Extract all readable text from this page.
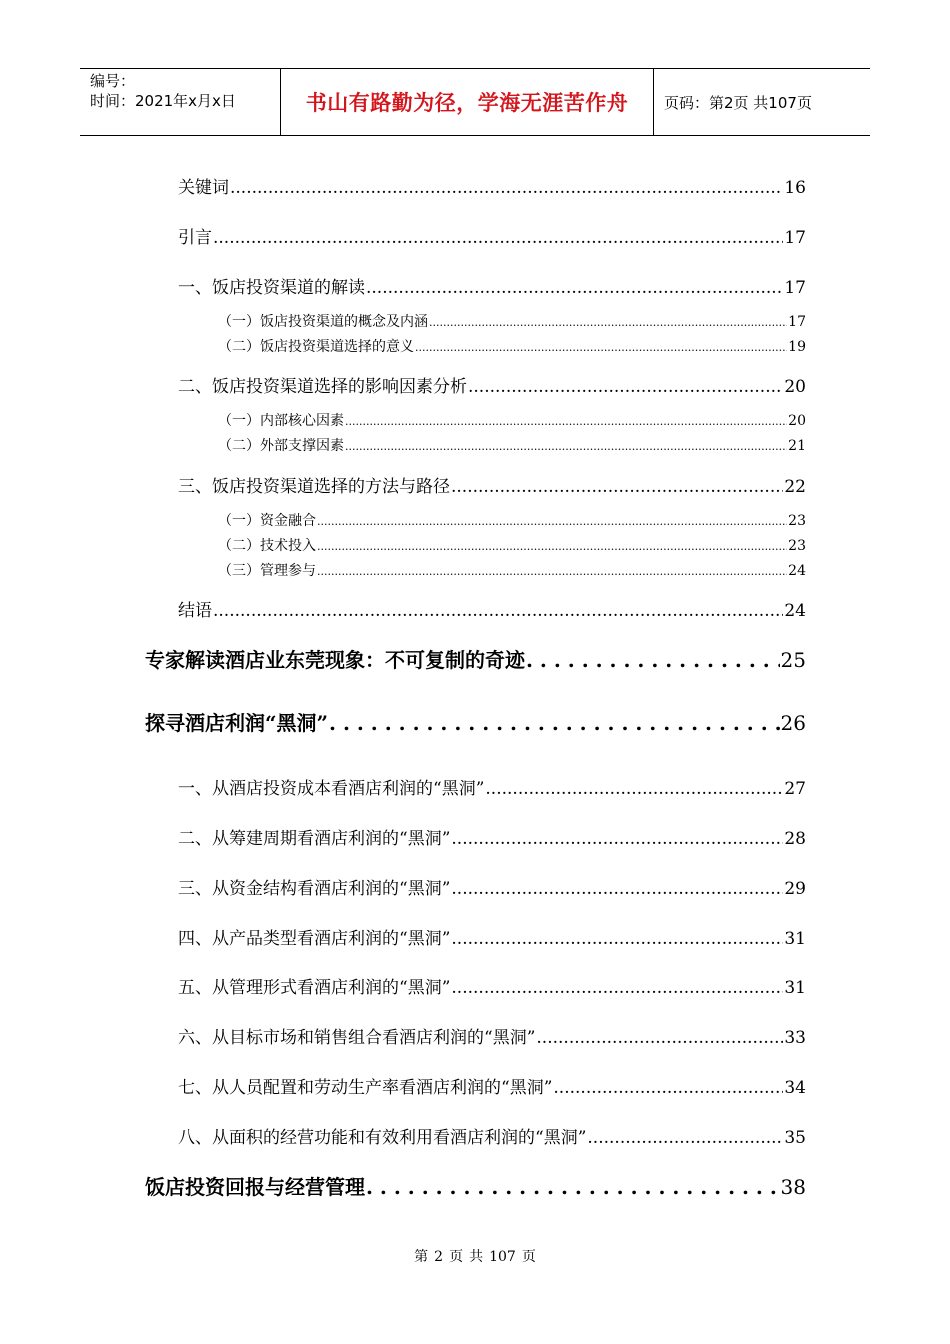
编号：
时间：2021年x月x日	书山有路勤为径，学海无涯苦作舟	页码：第2页 共107页
关键词 .....	16
引言 .....	17
一、饭店投资渠道的解读 .....	17
（一）饭店投资渠道的概念及内涵 .....	17
（二）饭店投资渠道选择的意义 .....	19
二、饭店投资渠道选择的影响因素分析 .....	20
（一）内部核心因素 .....	20
（二）外部支撑因素 .....	21
三、饭店投资渠道选择的方法与路径 .....	22
（一）资金融合 .....	23
（二）技术投入 .....	23
（三）管理参与 .....	24
结语 .....	24
专家解读酒店业东莞现象：不可复制的奇迹 . . .	25
探寻酒店利润“黑洞” . . .	26
一、从酒店投资成本看酒店利润的“黑洞” .....	27
二、从筹建周期看酒店利润的“黑洞” .....	28
三、从资金结构看酒店利润的“黑洞” .....	29
四、从产品类型看酒店利润的“黑洞” .....	31
五、从管理形式看酒店利润的“黑洞” .....	31
六、从目标市场和销售组合看酒店利润的“黑洞” .....	33
七、从人员配置和劳动生产率看酒店利润的“黑洞” .....	34
八、从面积的经营功能和有效利用看酒店利润的“黑洞” .....	35
饭店投资回报与经营管理 . . .	38
第 2 页 共 107 页
